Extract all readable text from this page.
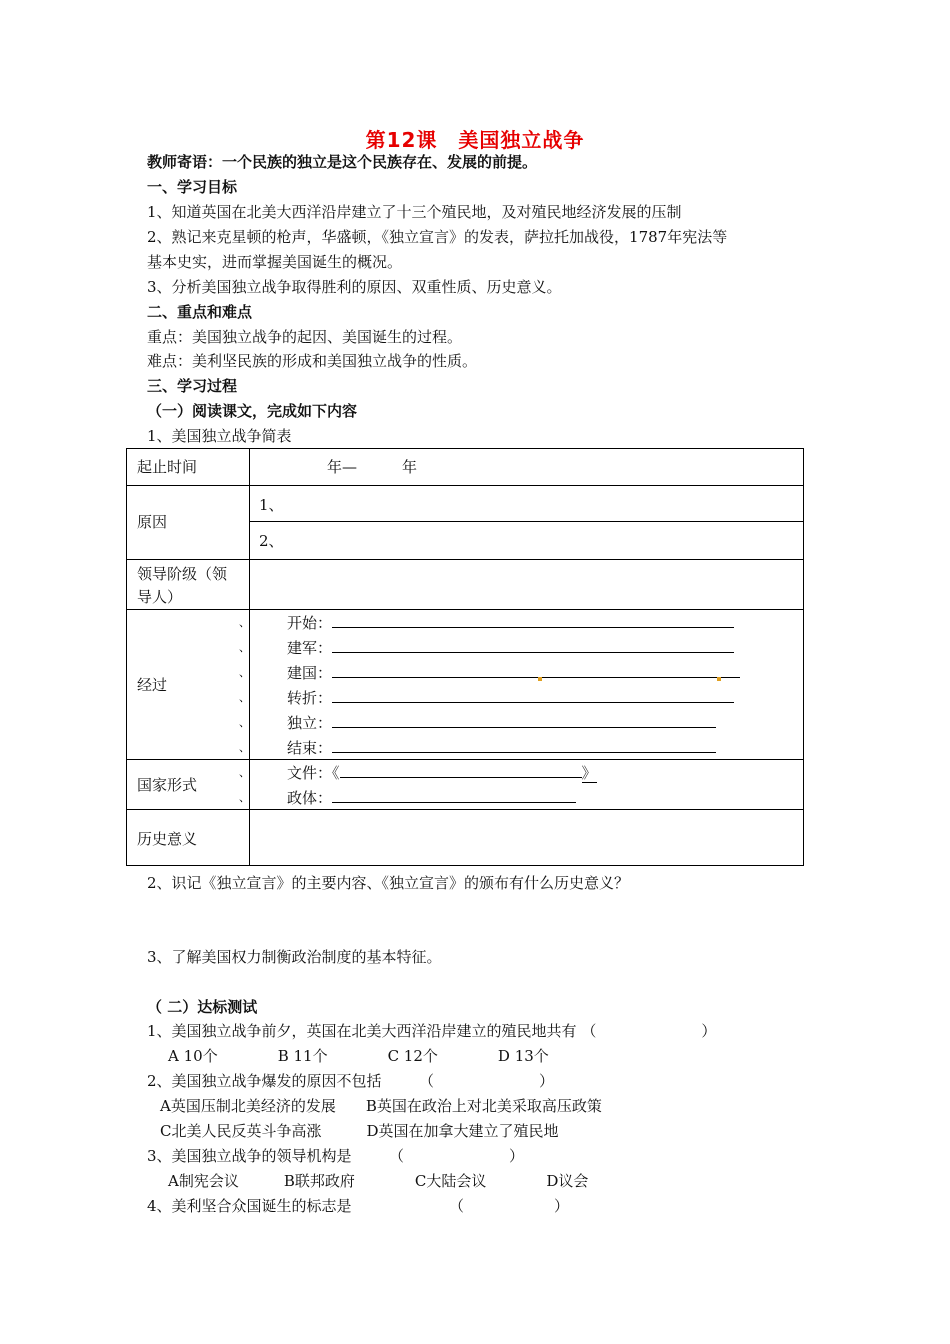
第12课　美国独立战争
教师寄语：一个民族的独立是这个民族存在、发展的前提。
一、学习目标
1、知道英国在北美大西洋沿岸建立了十三个殖民地，及对殖民地经济发展的压制
2、熟记来克星顿的枪声，华盛顿，《独立宣言》的发表，萨拉托加战役，1787年宪法等
基本史实，进而掌握美国诞生的概况。
3、分析美国独立战争取得胜利的原因、双重性质、历史意义。
二、重点和难点
重点：美国独立战争的起因、美国诞生的过程。
难点：美利坚民族的形成和美国独立战争的性质。
三、学习过程
（一）阅读课文，完成如下内容
1、美国独立战争简表
起止时间	年—　　　年
原因
1、
2、
领导阶级（领
导人）
经过
、
、
、
、
、
、
开始：
建军：
建国：
转折：
独立：
结束：
国家形式
、
、
文件：《	》
政体：
历史意义
2、识记《独立宣言》的主要内容、《独立宣言》的颁布有什么历史意义？
3、了解美国权力制衡政治制度的基本特征。
（ 二）达标测试
1、美国独立战争前夕，英国在北美大西洋沿岸建立的殖民地共有 （　　　　　　　）
A 10个　　　　B 11个　　　　C 12个　　　　D 13个
2、美国独立战争爆发的原因不包括　　　（　　　　　　　）
A英国压制北美经济的发展　　B英国在政治上对北美采取高压政策
C北美人民反英斗争高涨　　　D英国在加拿大建立了殖民地
3、美国独立战争的领导机构是　　　（　　　　　　　）
A制宪会议　　　B联邦政府　　　　C大陆会议　　　　D议会
4、美利坚合众国诞生的标志是　　　　　　　（　　　　　　）
